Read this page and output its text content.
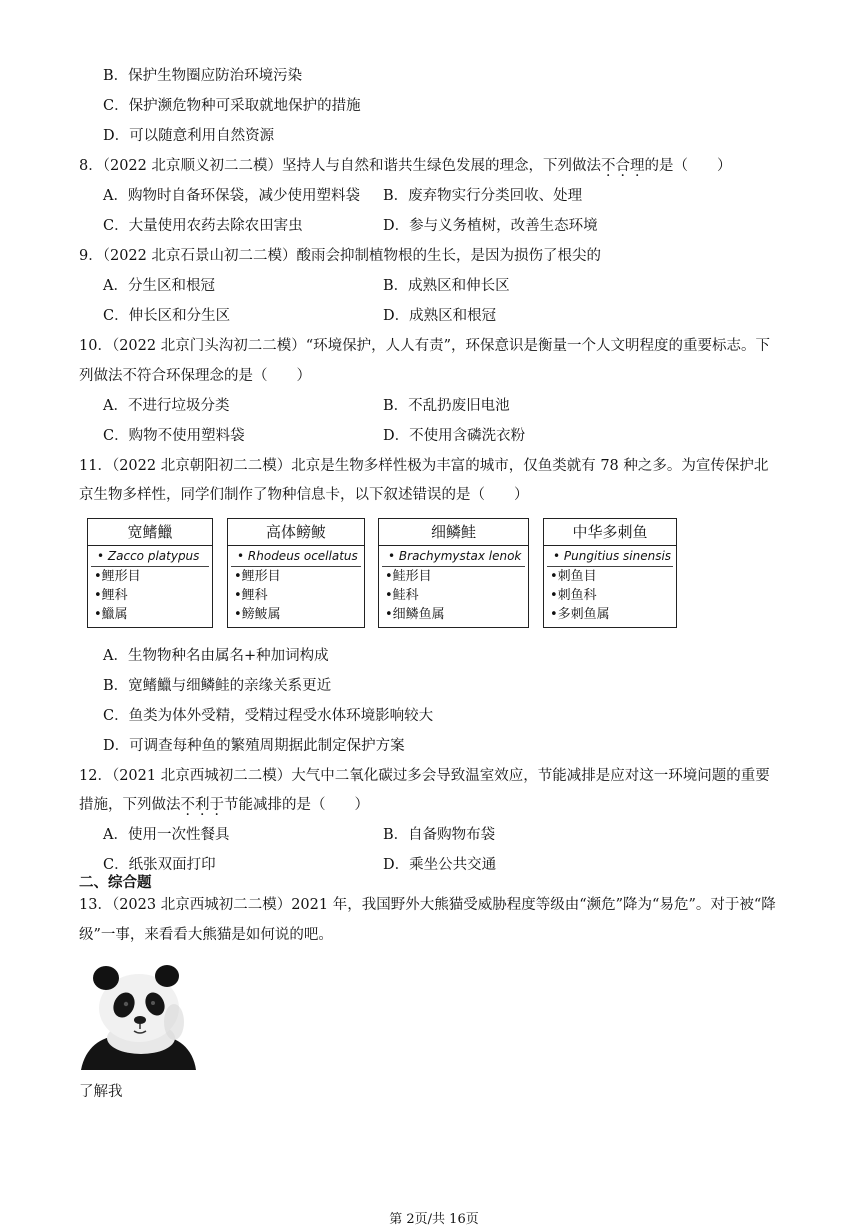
B．保护生物圈应防治环境污染
C．保护濒危物种可采取就地保护的措施
D．可以随意利用自然资源
8．（2022 北京顺义初二二模）坚持人与自然和谐共生绿色发展的理念，下列做法不合理的是（　　）
A．购物时自备环保袋，减少使用塑料袋 B．废弃物实行分类回收、处理
C．大量使用农药去除农田害虫	D．参与义务植树，改善生态环境
9．（2022 北京石景山初二二模）酸雨会抑制植物根的生长，是因为损伤了根尖的
A．分生区和根冠	B．成熟区和伸长区
C．伸长区和分生区	D．成熟区和根冠
10．（2022 北京门头沟初二二模）“环境保护，人人有责”，环保意识是衡量一个人文明程度的重要标志。下
列做法不符合环保理念的是（　　）
A．不进行垃圾分类	B．不乱扔废旧电池
C．购物不使用塑料袋	D．不使用含磷洗衣粉
11．（2022 北京朝阳初二二模）北京是生物多样性极为丰富的城市，仅鱼类就有 78 种之多。为宣传保护北
京生物多样性，同学们制作了物种信息卡，以下叙述错误的是（　　）
宽鳍鱲
• Zacco platypus
•鲤形目
•鲤科
•鱲属
高体鳑鲏
• Rhodeus ocellatus
•鲤形目
•鲤科
•鳑鲏属
细鳞鲑
• Brachymystax lenok
•鲑形目
•鲑科
•细鳞鱼属
中华多刺鱼
• Pungitius sinensis
•刺鱼目
•刺鱼科
•多刺鱼属
A．生物物种名由属名+种加词构成
B．宽鳍鱲与细鳞鲑的亲缘关系更近
C．鱼类为体外受精，受精过程受水体环境影响较大
D．可调查每种鱼的繁殖周期据此制定保护方案
12．（2021 北京西城初二二模）大气中二氧化碳过多会导致温室效应，节能减排是应对这一环境问题的重要
措施，下列做法不利于节能减排的是（　　）
A．使用一次性餐具	B．自备购物布袋
C．纸张双面打印	D．乘坐公共交通
二、综合题
13．（2023 北京西城初二二模）2021 年，我国野外大熊猫受威胁程度等级由“濒危”降为“易危”。对于被“降
级”一事，来看看大熊猫是如何说的吧。
了解我
第 2页/共 16页
